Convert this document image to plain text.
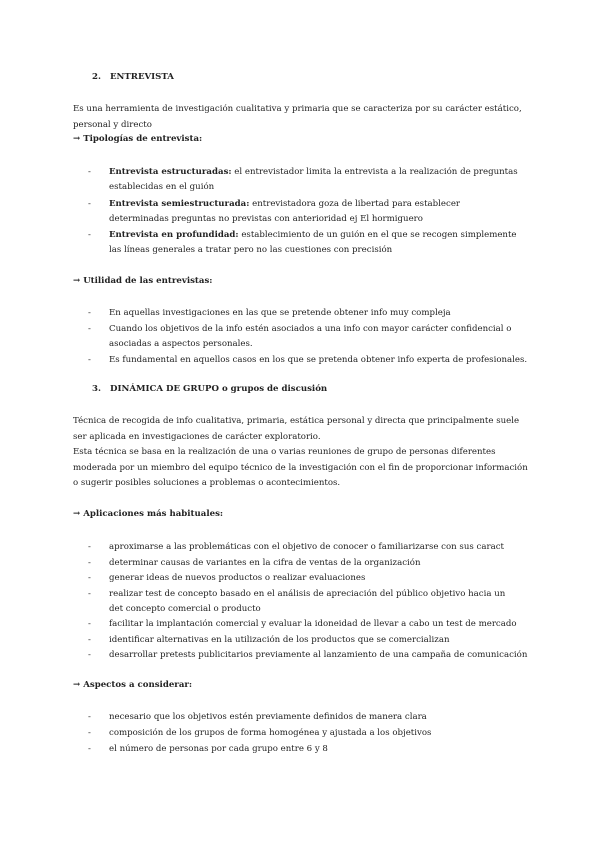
2. ENTREVISTA
Es una herramienta de investigación cualitativa y primaria que se caracteriza por su carácter estático, personal y directo
→ Tipologías de entrevista:
- Entrevista estructuradas: el entrevistador limita la entrevista a la realización de preguntas establecidas en el guión
- Entrevista semiestructurada: entrevistadora goza de libertad para establecer determinadas preguntas no previstas con anterioridad ej El hormiguero
- Entrevista en profundidad: establecimiento de un guión en el que se recogen simplemente las líneas generales a tratar pero no las cuestiones con precisión
→ Utilidad de las entrevistas:
- En aquellas investigaciones en las que se pretende obtener info muy compleja
- Cuando los objetivos de la info estén asociados a una info con mayor carácter confidencial o asociadas a aspectos personales.
- Es fundamental en aquellos casos en los que se pretenda obtener info experta de profesionales.
3. DINÁMICA DE GRUPO o grupos de discusión
Técnica de recogida de info cualitativa, primaria, estática personal y directa que principalmente suele ser aplicada en investigaciones de carácter exploratorio.
Esta técnica se basa en la realización de una o varias reuniones de grupo de personas diferentes moderada por un miembro del equipo técnico de la investigación con el fin de proporcionar información o sugerir posibles soluciones a problemas o acontecimientos.
→ Aplicaciones más habituales:
- aproximarse a las problemáticas con el objetivo de conocer o familiarizarse con sus caract
- determinar causas de variantes en la cifra de ventas de la organización
- generar ideas de nuevos productos o realizar evaluaciones
- realizar test de concepto basado en el análisis de apreciación del público objetivo hacia un det concepto comercial o producto
- facilitar la implantación comercial y evaluar la idoneidad de llevar a cabo un test de mercado
- identificar alternativas en la utilización de los productos que se comercializan
- desarrollar pretests publicitarios previamente al lanzamiento de una campaña de comunicación
→ Aspectos a considerar:
- necesario que los objetivos estén previamente definidos de manera clara
- composición de los grupos de forma homogénea y ajustada a los objetivos
- el número de personas por cada grupo entre 6 y 8
